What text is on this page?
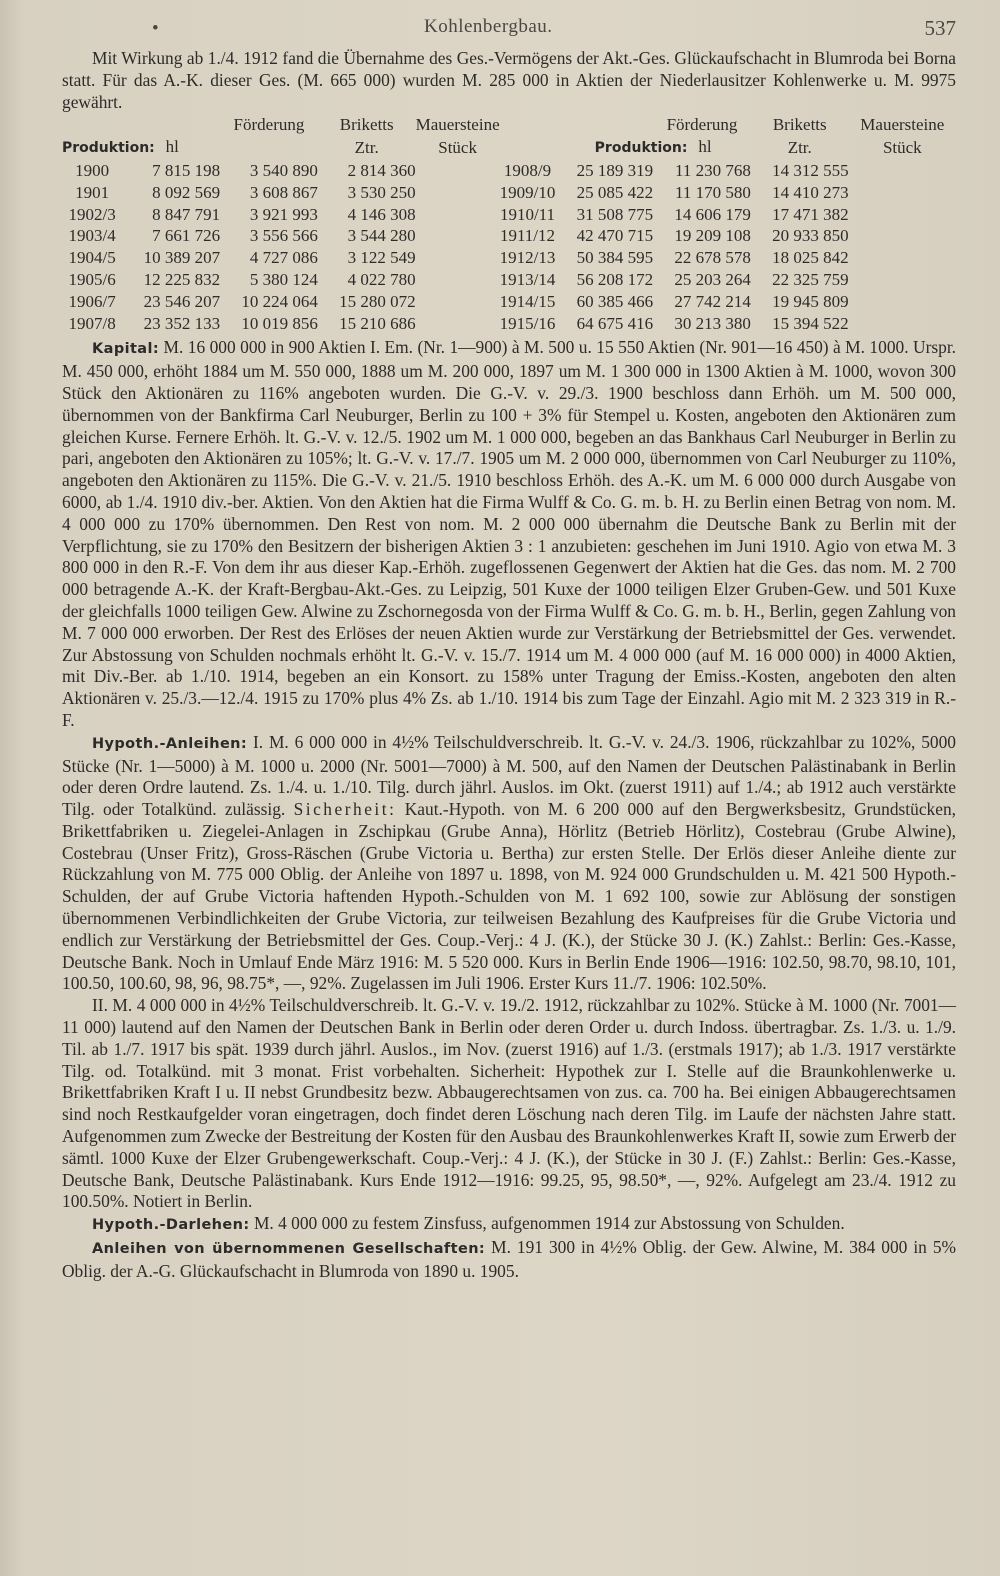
•	Kohlenbergbau.	537

Mit Wirkung ab 1./4. 1912 fand die Übernahme des Ges.-Vermögens der Akt.-Ges. Glückaufschacht in Blumroda bei Borna statt. Für das A.-K. dieser Ges. (M. 665 000) wurden M. 285 000 in Aktien der Niederlausitzer Kohlenwerke u. M. 9975 gewährt.

		Förderung	Briketts	Mauersteine			Förderung	Briketts	Mauersteine
Produktion: hl			Ztr.	Stück		Produktion: hl		Ztr.	Stück
1900	7 815 198	3 540 890	2 814 360		1908/9	25 189 319	11 230 768	14 312 555	
1901	8 092 569	3 608 867	3 530 250		1909/10	25 085 422	11 170 580	14 410 273	
1902/3	8 847 791	3 921 993	4 146 308		1910/11	31 508 775	14 606 179	17 471 382	
1903/4	7 661 726	3 556 566	3 544 280		1911/12	42 470 715	19 209 108	20 933 850	
1904/5	10 389 207	4 727 086	3 122 549		1912/13	50 384 595	22 678 578	18 025 842	
1905/6	12 225 832	5 380 124	4 022 780		1913/14	56 208 172	25 203 264	22 325 759	
1906/7	23 546 207	10 224 064	15 280 072		1914/15	60 385 466	27 742 214	19 945 809	
1907/8	23 352 133	10 019 856	15 210 686		1915/16	64 675 416	30 213 380	15 394 522	

Kapital: M. 16 000 000 in 900 Aktien I. Em. (Nr. 1—900) à M. 500 u. 15 550 Aktien (Nr. 901—16 450) à M. 1000. Urspr. M. 450 000, erhöht 1884 um M. 550 000, 1888 um M. 200 000, 1897 um M. 1 300 000 in 1300 Aktien à M. 1000, wovon 300 Stück den Aktionären zu 116% angeboten wurden. Die G.-V. v. 29./3. 1900 beschloss dann Erhöh. um M. 500 000, übernommen von der Bankfirma Carl Neuburger, Berlin zu 100 + 3% für Stempel u. Kosten, angeboten den Aktionären zum gleichen Kurse. Fernere Erhöh. lt. G.-V. v. 12./5. 1902 um M. 1 000 000, begeben an das Bankhaus Carl Neuburger in Berlin zu pari, angeboten den Aktionären zu 105%; lt. G.-V. v. 17./7. 1905 um M. 2 000 000, übernommen von Carl Neuburger zu 110%, angeboten den Aktionären zu 115%. Die G.-V. v. 21./5. 1910 beschloss Erhöh. des A.-K. um M. 6 000 000 durch Ausgabe von 6000, ab 1./4. 1910 div.-ber. Aktien. Von den Aktien hat die Firma Wulff & Co. G. m. b. H. zu Berlin einen Betrag von nom. M. 4 000 000 zu 170% übernommen. Den Rest von nom. M. 2 000 000 übernahm die Deutsche Bank zu Berlin mit der Verpflichtung, sie zu 170% den Besitzern der bisherigen Aktien 3 : 1 anzubieten: geschehen im Juni 1910. Agio von etwa M. 3 800 000 in den R.-F. Von dem ihr aus dieser Kap.-Erhöh. zugeflossenen Gegenwert der Aktien hat die Ges. das nom. M. 2 700 000 betragende A.-K. der Kraft-Bergbau-Akt.-Ges. zu Leipzig, 501 Kuxe der 1000 teiligen Elzer Gruben-Gew. und 501 Kuxe der gleichfalls 1000 teiligen Gew. Alwine zu Zschornegosda von der Firma Wulff & Co. G. m. b. H., Berlin, gegen Zahlung von M. 7 000 000 erworben. Der Rest des Erlöses der neuen Aktien wurde zur Verstärkung der Betriebsmittel der Ges. verwendet. Zur Abstossung von Schulden nochmals erhöht lt. G.-V. v. 15./7. 1914 um M. 4 000 000 (auf M. 16 000 000) in 4000 Aktien, mit Div.-Ber. ab 1./10. 1914, begeben an ein Konsort. zu 158% unter Tragung der Emiss.-Kosten, angeboten den alten Aktionären v. 25./3.—12./4. 1915 zu 170% plus 4% Zs. ab 1./10. 1914 bis zum Tage der Einzahl. Agio mit M. 2 323 319 in R.-F.

Hypoth.-Anleihen: I. M. 6 000 000 in 4½% Teilschuldverschreib. lt. G.-V. v. 24./3. 1906, rückzahlbar zu 102%, 5000 Stücke (Nr. 1—5000) à M. 1000 u. 2000 (Nr. 5001—7000) à M. 500, auf den Namen der Deutschen Palästinabank in Berlin oder deren Ordre lautend. Zs. 1./4. u. 1./10. Tilg. durch jährl. Auslos. im Okt. (zuerst 1911) auf 1./4.; ab 1912 auch verstärkte Tilg. oder Totalkünd. zulässig. Sicherheit: Kaut.-Hypoth. von M. 6 200 000 auf den Bergwerksbesitz, Grundstücken, Brikettfabriken u. Ziegelei-Anlagen in Zschipkau (Grube Anna), Hörlitz (Betrieb Hörlitz), Costebrau (Grube Alwine), Costebrau (Unser Fritz), Gross-Räschen (Grube Victoria u. Bertha) zur ersten Stelle. Der Erlös dieser Anleihe diente zur Rückzahlung von M. 775 000 Oblig. der Anleihe von 1897 u. 1898, von M. 924 000 Grundschulden u. M. 421 500 Hypoth.-Schulden, der auf Grube Victoria haftenden Hypoth.-Schulden von M. 1 692 100, sowie zur Ablösung der sonstigen übernommenen Verbindlichkeiten der Grube Victoria, zur teilweisen Bezahlung des Kaufpreises für die Grube Victoria und endlich zur Verstärkung der Betriebsmittel der Ges. Coup.-Verj.: 4 J. (K.), der Stücke 30 J. (K.) Zahlst.: Berlin: Ges.-Kasse, Deutsche Bank. Noch in Umlauf Ende März 1916: M. 5 520 000. Kurs in Berlin Ende 1906—1916: 102.50, 98.70, 98.10, 101, 100.50, 100.60, 98, 96, 98.75*, —, 92%. Zugelassen im Juli 1906. Erster Kurs 11./7. 1906: 102.50%.

II. M. 4 000 000 in 4½% Teilschuldverschreib. lt. G.-V. v. 19./2. 1912, rückzahlbar zu 102%. Stücke à M. 1000 (Nr. 7001—11 000) lautend auf den Namen der Deutschen Bank in Berlin oder deren Order u. durch Indoss. übertragbar. Zs. 1./3. u. 1./9. Til. ab 1./7. 1917 bis spät. 1939 durch jährl. Auslos., im Nov. (zuerst 1916) auf 1./3. (erstmals 1917); ab 1./3. 1917 verstärkte Tilg. od. Totalkünd. mit 3 monat. Frist vorbehalten. Sicherheit: Hypothek zur I. Stelle auf die Braunkohlenwerke u. Brikettfabriken Kraft I u. II nebst Grundbesitz bezw. Abbaugerechtsamen von zus. ca. 700 ha. Bei einigen Abbaugerechtsamen sind noch Restkaufgelder voran eingetragen, doch findet deren Löschung nach deren Tilg. im Laufe der nächsten Jahre statt. Aufgenommen zum Zwecke der Bestreitung der Kosten für den Ausbau des Braunkohlenwerkes Kraft II, sowie zum Erwerb der sämtl. 1000 Kuxe der Elzer Grubengewerkschaft. Coup.-Verj.: 4 J. (K.), der Stücke in 30 J. (F.) Zahlst.: Berlin: Ges.-Kasse, Deutsche Bank, Deutsche Palästinabank. Kurs Ende 1912—1916: 99.25, 95, 98.50*, —, 92%. Aufgelegt am 23./4. 1912 zu 100.50%. Notiert in Berlin.

Hypoth.-Darlehen: M. 4 000 000 zu festem Zinsfuss, aufgenommen 1914 zur Abstossung von Schulden.

Anleihen von übernommenen Gesellschaften: M. 191 300 in 4½% Oblig. der Gew. Alwine, M. 384 000 in 5% Oblig. der A.-G. Glückaufschacht in Blumroda von 1890 u. 1905.
